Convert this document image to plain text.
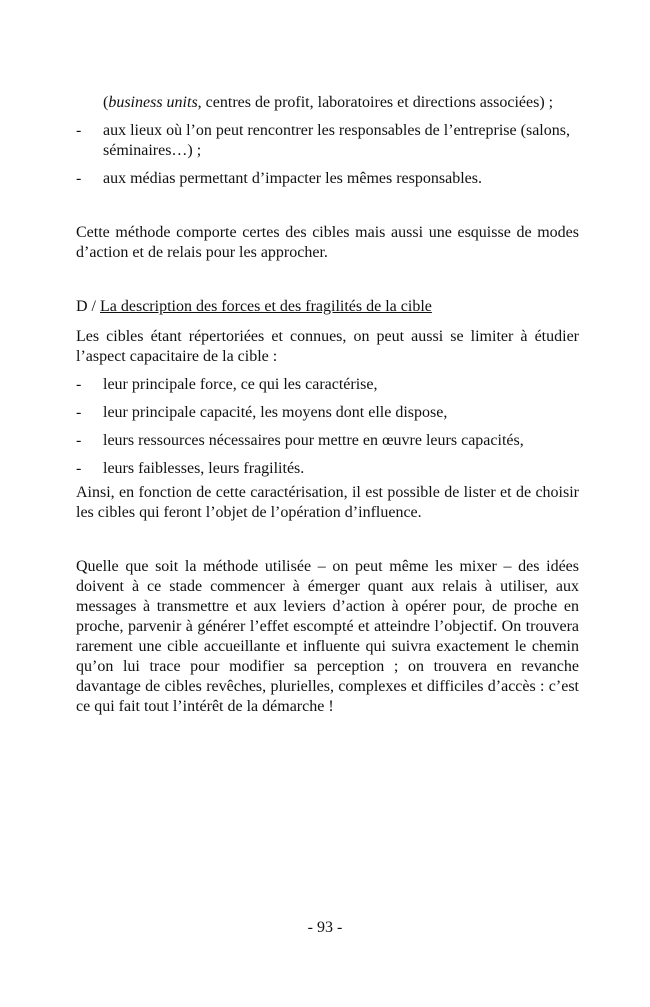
(business units, centres de profit, laboratoires et directions associées) ;

-	aux lieux où l’on peut rencontrer les responsables de l’entreprise (salons, séminaires…) ;
-	aux médias permettant d’impacter les mêmes responsables.

Cette méthode comporte certes des cibles mais aussi une esquisse de modes d’action et de relais pour les approcher.

D / La description des forces et des fragilités de la cible

Les cibles étant répertoriées et connues, on peut aussi se limiter à étudier l’aspect capacitaire de la cible :

-	leur principale force, ce qui les caractérise,
-	leur principale capacité, les moyens dont elle dispose,
-	leurs ressources nécessaires pour mettre en œuvre leurs capacités,
-	leurs faiblesses, leurs fragilités.

Ainsi, en fonction de cette caractérisation, il est possible de lister et de choisir les cibles qui feront l’objet de l’opération d’influence.

Quelle que soit la méthode utilisée – on peut même les mixer – des idées doivent à ce stade commencer à émerger quant aux relais à utiliser, aux messages à transmettre et aux leviers d’action à opérer pour, de proche en proche, parvenir à générer l’effet escompté et atteindre l’objectif. On trouvera rarement une cible accueillante et influente qui suivra exactement le chemin qu’on lui trace pour modifier sa perception ; on trouvera en revanche davantage de cibles revêches, plurielles, complexes et difficiles d’accès : c’est ce qui fait tout l’intérêt de la démarche !

- 93 -
